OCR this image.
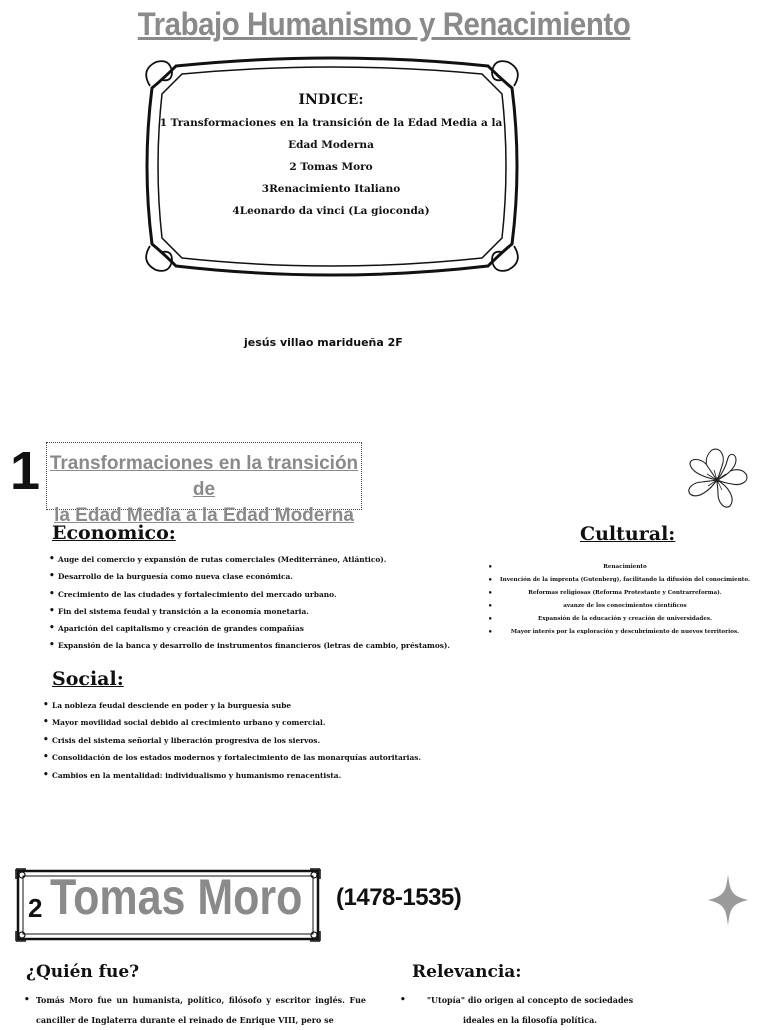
Trabajo Humanismo y Renacimiento
INDICE:
1 Transformaciones en la transición de la Edad Media a la
Edad Moderna
2 Tomas Moro
3Renacimiento Italiano
4Leonardo da vinci (La gioconda)
jesús villao maridueña 2F
1 Transformaciones en la transición de
la Edad Media a la Edad Moderna
Economico:
• Auge del comercio y expansión de rutas comerciales (Mediterráneo, Atlántico).
• Desarrollo de la burguesía como nueva clase económica.
• Crecimiento de las ciudades y fortalecimiento del mercado urbano.
• Fin del sistema feudal y transición a la economía monetaria.
• Aparición del capitalismo y creación de grandes compañías
• Expansión de la banca y desarrollo de instrumentos financieros (letras de cambio, préstamos).
Cultural:
• Renacimiento
• Invención de la imprenta (Gutenberg), facilitando la difusión del conocimiento.
• Reformas religiosas (Reforma Protestante y Contrarreforma).
• avanze de los conocimientos científicos
• Expansión de la educación y creación de universidades.
• Mayor interés por la exploración y descubrimiento de nuevos territorios.
Social:
• La nobleza feudal desciende en poder y la burguesía sube
• Mayor movilidad social debido al crecimiento urbano y comercial.
• Crisis del sistema señorial y liberación progresiva de los siervos.
• Consolidación de los estados modernos y fortalecimiento de las monarquías autoritarias.
• Cambios en la mentalidad: individualismo y humanismo renacentista.
2 Tomas Moro (1478-1535)
¿Quién fue?
• Tomás Moro fue un humanista, político, filósofo y escritor inglés. Fue canciller de Inglaterra durante el reinado de Enrique VIII, pero se
Relevancia:
•	"Utopía" dio origen al concepto de sociedades ideales en la filosofía política.
